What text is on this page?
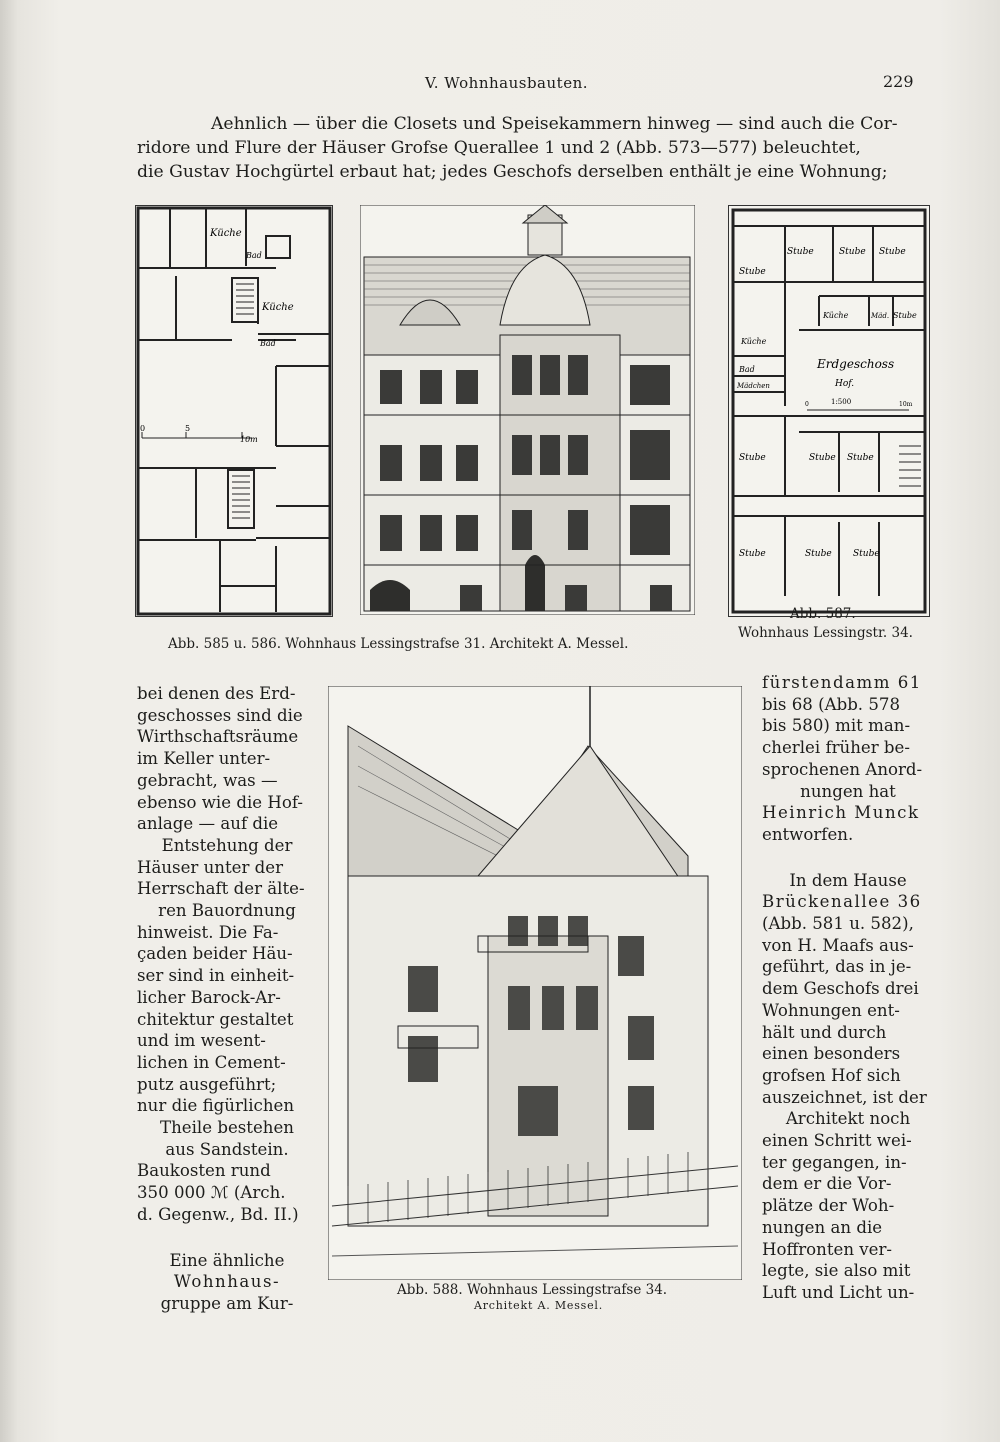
V. Wohnhausbauten.	229
Aehnlich — über die Closets und Speisekammern hinweg — sind auch die Cor-
ridore und Flure der Häuser Grofse Querallee 1 und 2 (Abb. 573—577) beleuchtet,
die Gustav Hochgürtel erbaut hat; jedes Geschofs derselben enthält je eine Wohnung;
Küche
Bad
Küche
Bad
0	5
10m
Stube	Stube Stube
Stube
Küche	Mäd. Stube
Küche
Bad
Mädchen
Erdgeschoss
Hof.
1:500
0	10m
Stube	Stube Stube
Stube	Stube Stube
Abb. 585 u. 586. Wohnhaus Lessingstrafse 31. Architekt A. Messel.
Abb. 587.
Wohnhaus Lessingstr. 34.
Abb. 588. Wohnhaus Lessingstrafse 34.
Architekt A. Messel.
bei denen des Erd-
geschosses sind die
Wirthschaftsräume
im Keller unter-
gebracht, was —
ebenso wie die Hof-
anlage — auf die
Entstehung der
Häuser unter der
Herrschaft der älte-
ren Bauordnung
hinweist. Die Fa-
çaden beider Häu-
ser sind in einheit-
licher Barock-Ar-
chitektur gestaltet
und im wesent-
lichen in Cement-
putz ausgeführt;
nur die figürlichen
Theile bestehen
aus Sandstein.
Baukosten rund
350 000 ℳ (Arch.
d. Gegenw., Bd. II.)
Eine ähnliche
Wohnhaus-
gruppe am Kur-
fürstendamm 61
bis 68 (Abb. 578
bis 580) mit man-
cherlei früher be-
sprochenen Anord-
nungen hat
Heinrich Munck
entworfen.
In dem Hause
Brückenallee 36
(Abb. 581 u. 582),
von H. Maafs aus-
geführt, das in je-
dem Geschofs drei
Wohnungen ent-
hält und durch
einen besonders
grofsen Hof sich
auszeichnet, ist der
Architekt noch
einen Schritt wei-
ter gegangen, in-
dem er die Vor-
plätze der Woh-
nungen an die
Hoffronten ver-
legte, sie also mit
Luft und Licht un-
